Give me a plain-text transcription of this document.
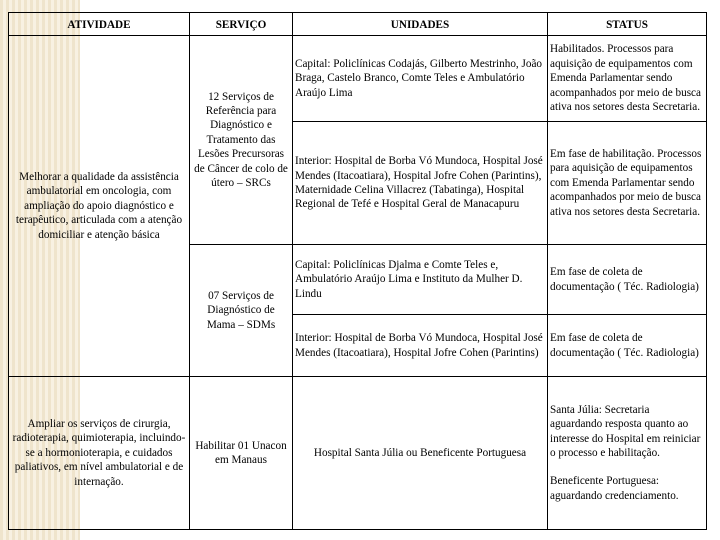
ATIVIDADE	SERVIÇO	UNIDADES	STATUS
Melhorar a qualidade da assistência ambulatorial em oncologia, com ampliação do apoio diagnóstico e terapêutico, articulada com a atenção domiciliar e atenção básica	12 Serviços de Referência para Diagnóstico e Tratamento das Lesões Precursoras de Câncer de colo de útero – SRCs	Capital: Policlínicas Codajás, Gilberto Mestrinho, João Braga, Castelo Branco, Comte Teles e Ambulatório Araújo Lima	Habilitados. Processos para aquisição de equipamentos com Emenda Parlamentar sendo acompanhados por meio de busca ativa nos setores desta Secretaria.
		Interior: Hospital de Borba Vó Mundoca, Hospital José Mendes (Itacoatiara), Hospital Jofre Cohen (Parintins), Maternidade Celina Villacrez (Tabatinga), Hospital Regional de Tefé e Hospital Geral de Manacapuru	Em fase de habilitação. Processos para aquisição de equipamentos com Emenda Parlamentar sendo acompanhados por meio de busca ativa nos setores desta Secretaria.
	07 Serviços de Diagnóstico de Mama – SDMs	Capital: Policlínicas Djalma e Comte Teles e, Ambulatório Araújo Lima e Instituto da Mulher D. Lindu	Em fase de coleta de documentação ( Téc. Radiologia)
		Interior: Hospital de Borba Vó Mundoca, Hospital José Mendes (Itacoatiara), Hospital Jofre Cohen (Parintins)	Em fase de coleta de documentação ( Téc. Radiologia)
Ampliar os serviços de cirurgia, radioterapia, quimioterapia, incluindo-se a hormonioterapia, e cuidados paliativos, em nível ambulatorial e de internação.	Habilitar 01 Unacon em Manaus	Hospital Santa Júlia ou Beneficente Portuguesa	Santa Júlia: Secretaria aguardando resposta quanto ao interesse do Hospital em reiniciar o processo e habilitação.
Beneficente Portuguesa: aguardando credenciamento.
